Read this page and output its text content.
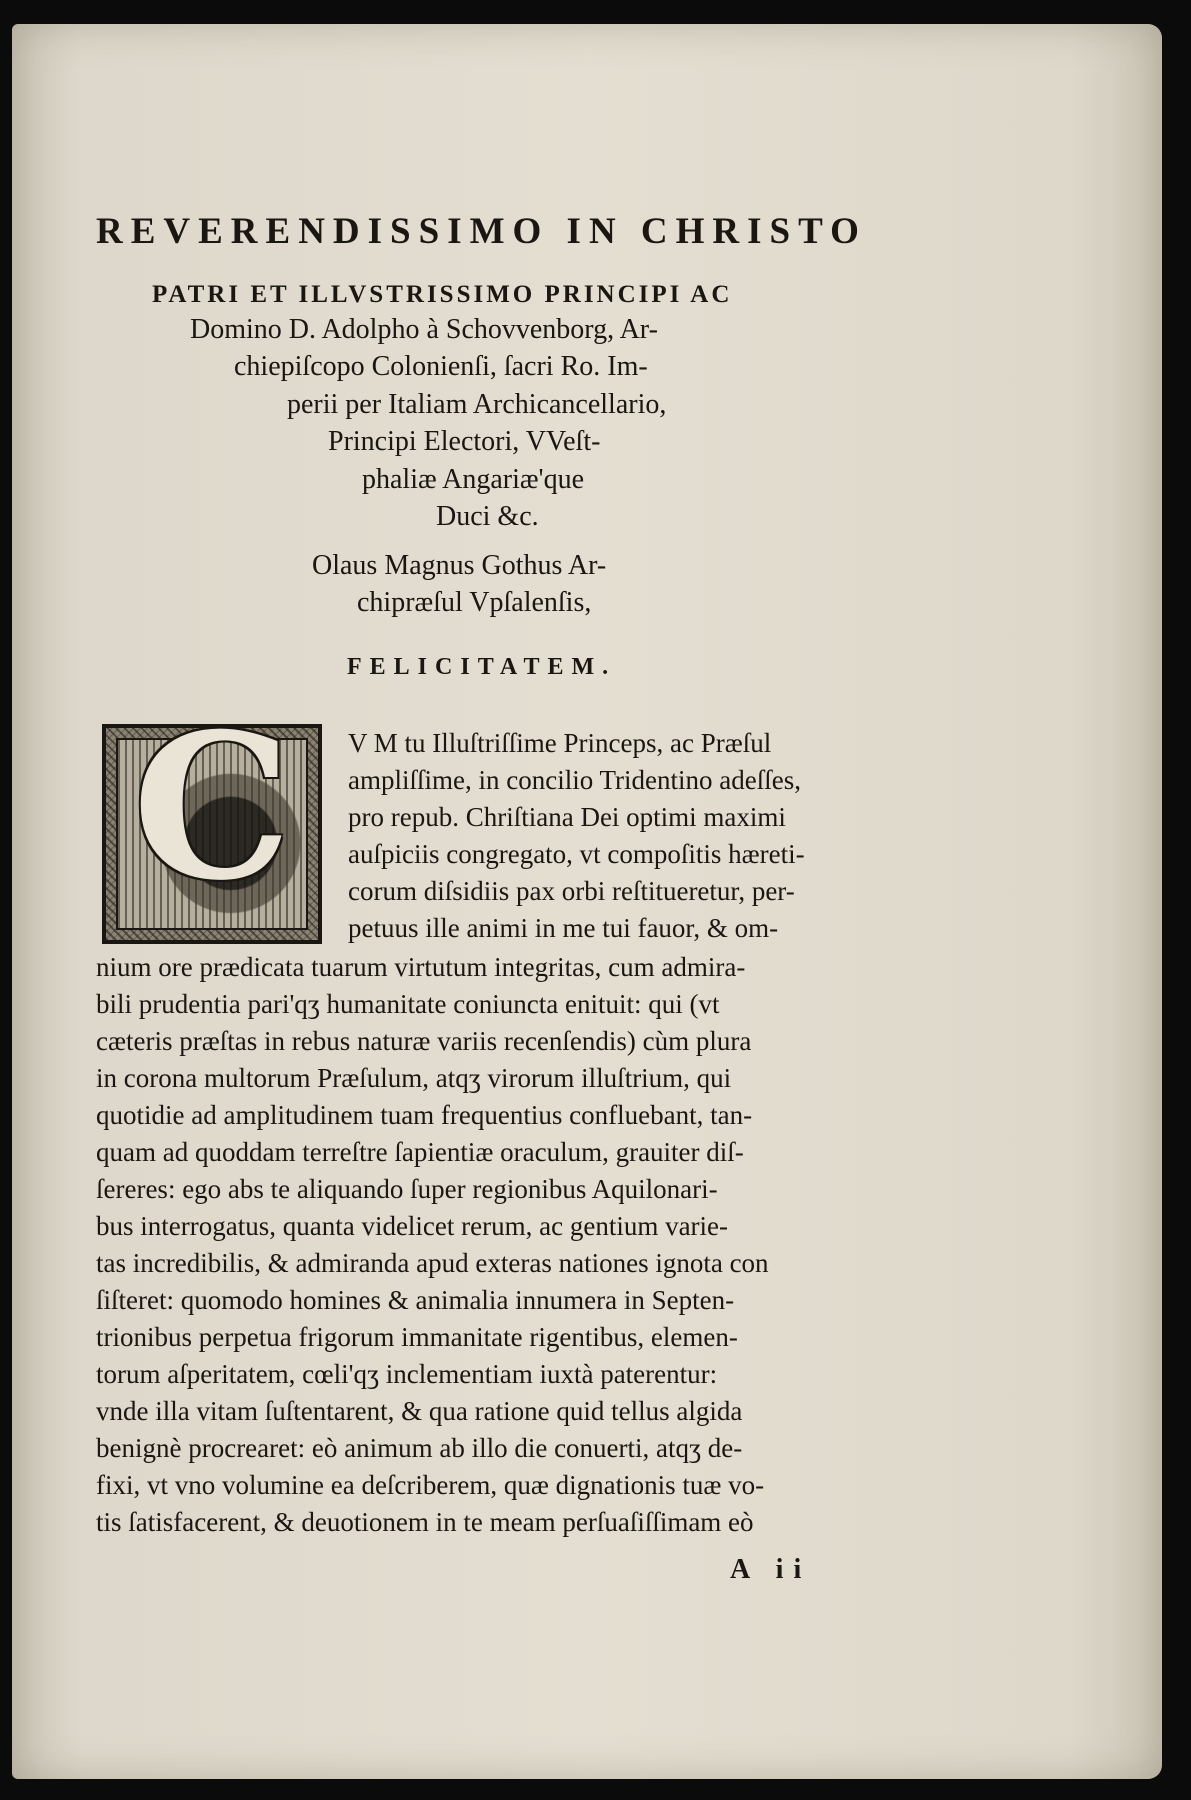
REVERENDISSIMO IN CHRISTO
PATRI ET ILLVSTRISSIMO PRINCIPI AC
Domino D. Adolpho à Schovvenborg, Ar-
chiepiſcopo Colonienſi, ſacri Ro. Im-
perii per Italiam Archicancellario,
Principi Electori, VVeſt-
phaliæ Angariæ'que
Duci &c.
Olaus Magnus Gothus Ar-
chipræſul Vpſalenſis,
FELICITATEM.
C	V M tu Illuſtriſſime Princeps, ac Præſul
ampliſſime, in concilio Tridentino adeſſes,
pro repub. Chriſtiana Dei optimi maximi
auſpiciis congregato, vt compoſitis hæreti-
corum diſsidiis pax orbi reſtitueretur, per-
petuus ille animi in me tui fauor, & om-
nium ore prædicata tuarum virtutum integritas, cum admira-
bili prudentia pari'qʒ humanitate coniuncta enituit: qui (vt
cæteris præſtas in rebus naturæ variis recenſendis) cùm plura
in corona multorum Præſulum, atqʒ virorum illuſtrium, qui
quotidie ad amplitudinem tuam frequentius confluebant, tan-
quam ad quoddam terreſtre ſapientiæ oraculum, grauiter diſ-
ſereres: ego abs te aliquando ſuper regionibus Aquilonari-
bus interrogatus, quanta videlicet rerum, ac gentium varie-
tas incredibilis, & admiranda apud exteras nationes ignota con
ſiſteret: quomodo homines & animalia innumera in Septen-
trionibus perpetua frigorum immanitate rigentibus, elemen-
torum aſperitatem, cœli'qʒ inclementiam iuxtà paterentur:
vnde illa vitam ſuſtentarent, & qua ratione quid tellus algida
benignè procrearet: eò animum ab illo die conuerti, atqʒ de-
fixi, vt vno volumine ea deſcriberem, quæ dignationis tuæ vo-
tis ſatisfacerent, & deuotionem in te meam perſuaſiſſimam eò
A ii
